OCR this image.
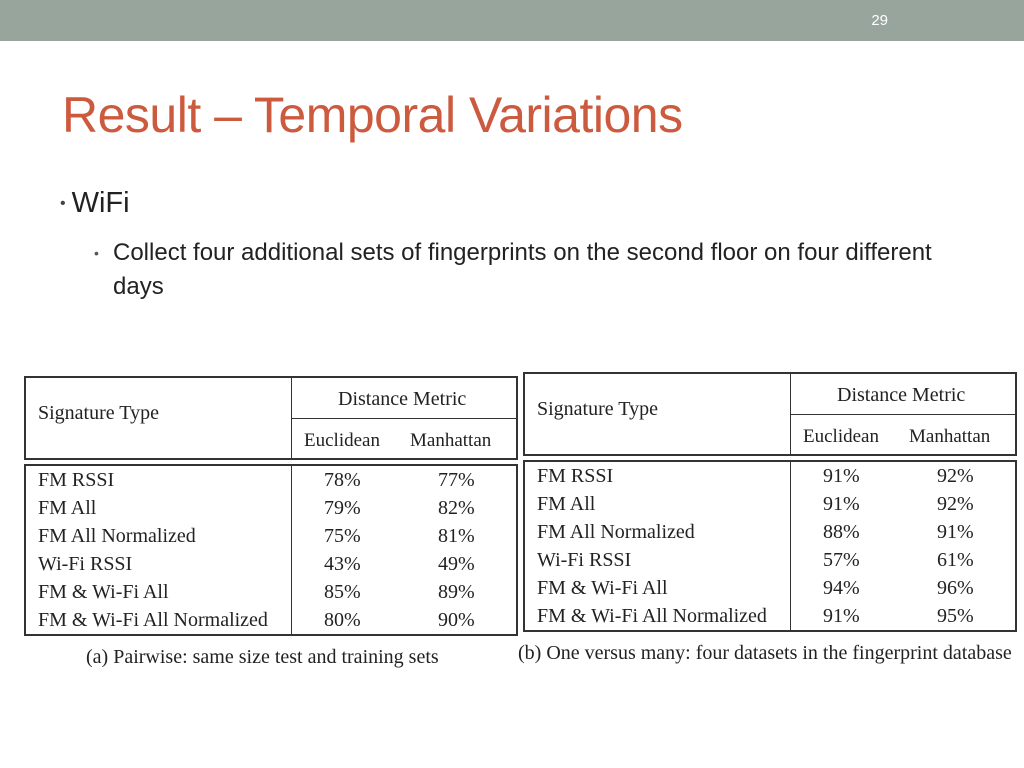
29
Result – Temporal Variations
• WiFi
• Collect four additional sets of fingerprints on the second floor on four different days
Signature Type
Distance Metric
Euclidean Manhattan
FM RSSI	78%	77%
FM All	79%	82%
FM All Normalized	75%	81%
Wi-Fi RSSI	43%	49%
FM & Wi-Fi All	85%	89%
FM & Wi-Fi All Normalized	80%	90%
(a) Pairwise: same size test and training sets
Signature Type
Distance Metric
Euclidean Manhattan
FM RSSI	91%	92%
FM All	91%	92%
FM All Normalized	88%	91%
Wi-Fi RSSI	57%	61%
FM & Wi-Fi All	94%	96%
FM & Wi-Fi All Normalized	91%	95%
(b) One versus many: four datasets in the fingerprint database
